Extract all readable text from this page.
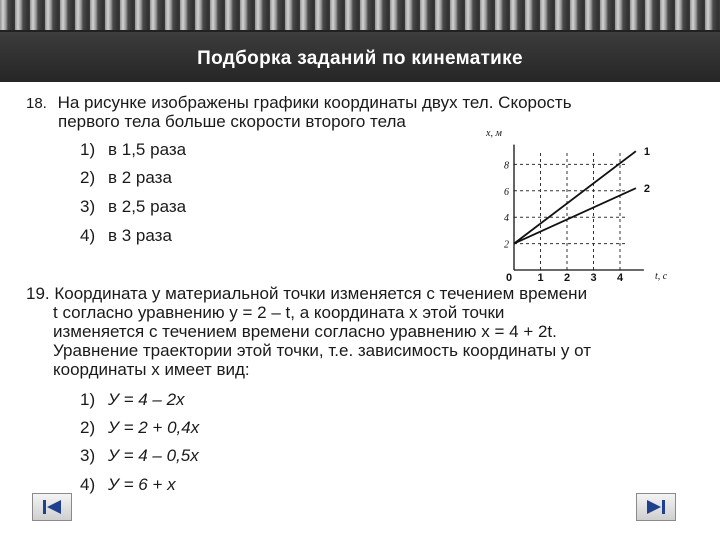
Подборка заданий по кинематике
18. На рисунке изображены графики координаты двух тел. Скорость
первого тела больше скорости второго тела
1) в 1,5 раза
2) в 2 раза
3) в 2,5 раза
4) в 3 раза
x, м
t, с
0 1 2 3 4
2
4
6
8
1
2
19. Координата y материальной точки изменяется с течением времени
t согласно уравнению y = 2 – t, а координата x этой точки
изменяется с течением времени согласно уравнению x = 4 + 2t.
Уравнение траектории этой точки, т.е. зависимость координаты y от
координаты x имеет вид:
1) У = 4 – 2x
2) У = 2 + 0,4x
3) У = 4 – 0,5x
4) У = 6 + x
